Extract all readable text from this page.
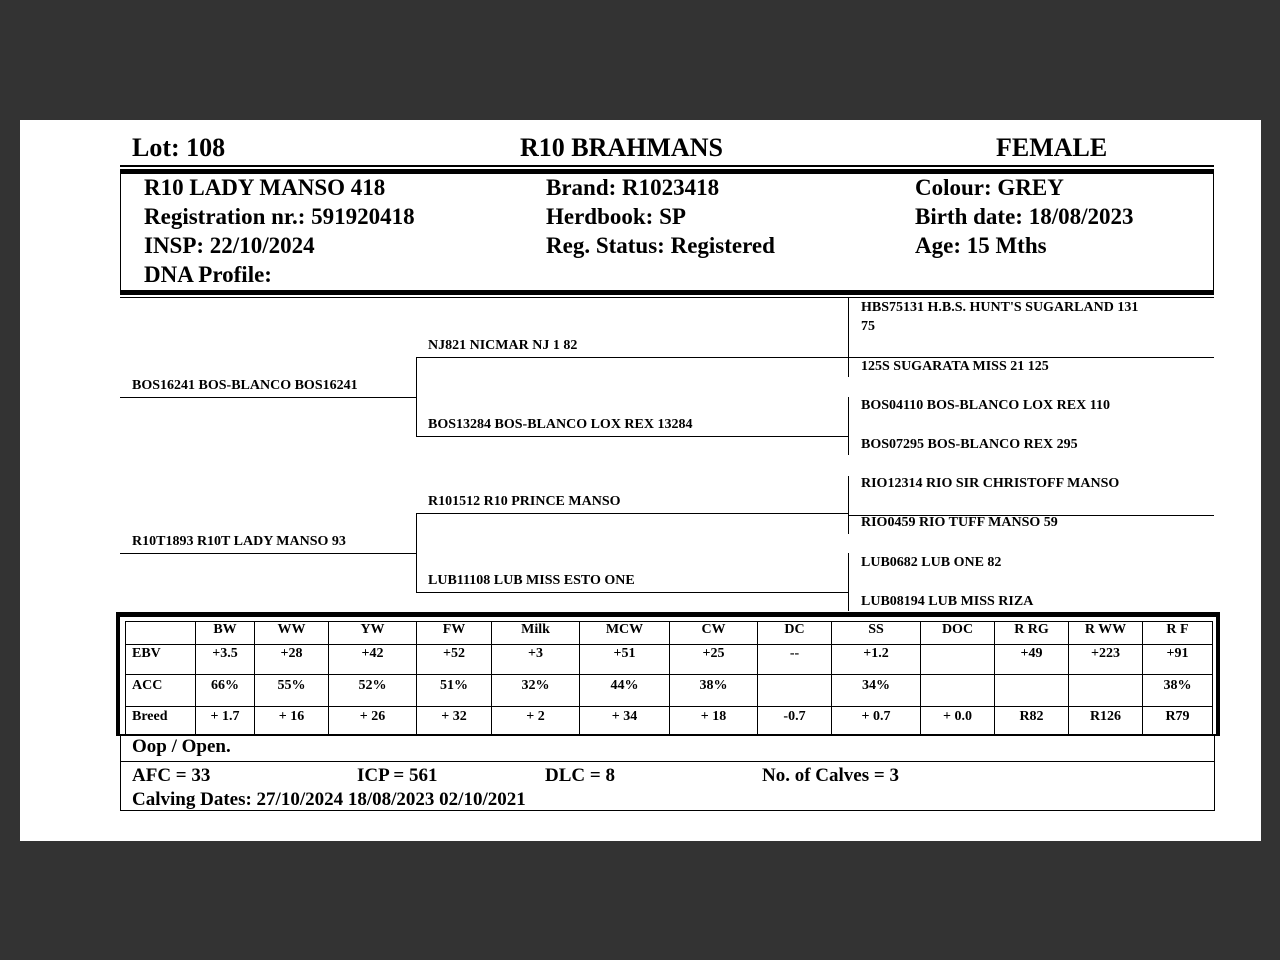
Lot: 108	R10 BRAHMANS	FEMALE
R10 LADY MANSO 418
Registration nr.: 591920418
INSP: 22/10/2024
DNA Profile:
Brand: R1023418
Herdbook: SP
Reg. Status: Registered
Colour: GREY
Birth date: 18/08/2023
Age: 15 Mths
BOS16241 BOS-BLANCO BOS16241
R10T1893 R10T LADY MANSO 93
NJ821 NICMAR NJ 1 82
BOS13284 BOS-BLANCO LOX REX 13284
R101512 R10 PRINCE MANSO
LUB11108 LUB MISS ESTO ONE
HBS75131 H.B.S. HUNT'S SUGARLAND 131
75
125S SUGARATA MISS 21 125
BOS04110 BOS-BLANCO LOX REX 110
BOS07295 BOS-BLANCO REX 295
RIO12314 RIO SIR CHRISTOFF MANSO
RIO0459 RIO TUFF MANSO 59
LUB0682 LUB ONE 82
LUB08194 LUB MISS RIZA
	BW	WW	YW	FW	Milk	MCW	CW	DC	SS	DOC	R RG	R WW	R F
EBV	+3.5	+28	+42	+52	+3	+51	+25	--	+1.2		+49	+223	+91
ACC	66%	55%	52%	51%	32%	44%	38%		34%				38%
Breed	+ 1.7	+ 16	+ 26	+ 32	+ 2	+ 34	+ 18	-0.7	+ 0.7	+ 0.0	R82	R126	R79
Oop / Open.
AFC = 33	ICP = 561	DLC = 8	No. of Calves = 3
Calving Dates: 27/10/2024 18/08/2023 02/10/2021
